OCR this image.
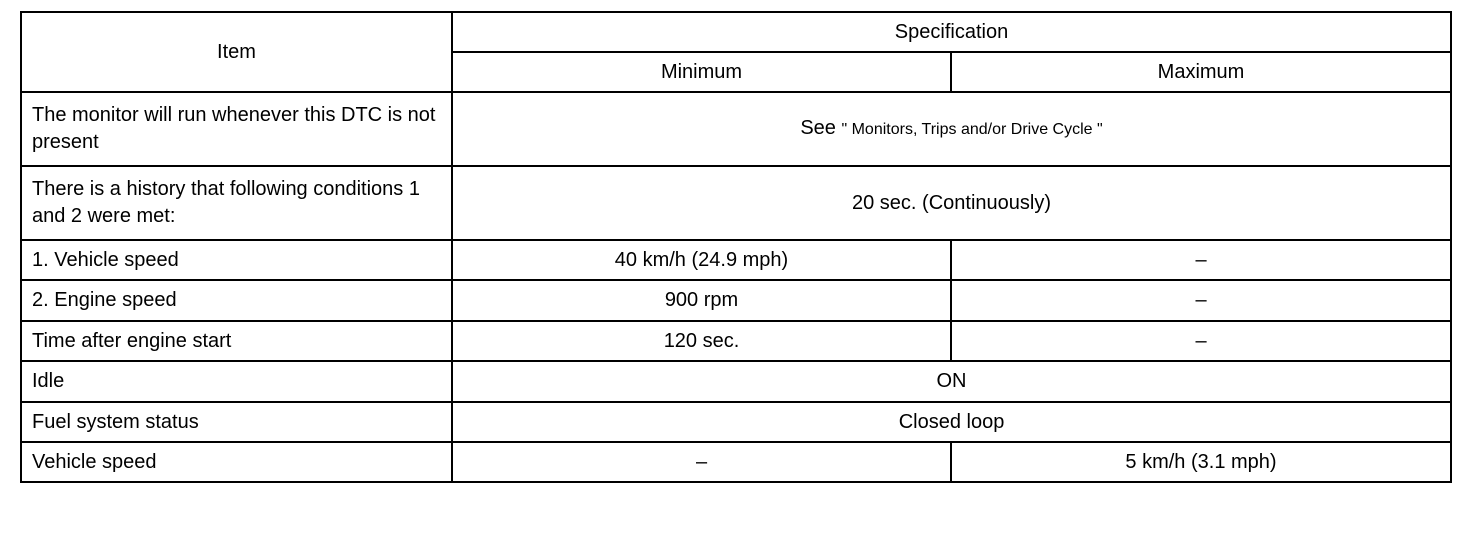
Item	Specification	
	Minimum	Maximum
The monitor will run whenever this DTC is not present	See " Monitors, Trips and/or Drive Cycle "	
There is a history that following conditions 1 and 2 were met:	20 sec. (Continuously)	
1. Vehicle speed	40 km/h (24.9 mph)	–
2. Engine speed	900 rpm	–
Time after engine start	120 sec.	–
Idle	ON	
Fuel system status	Closed loop	
Vehicle speed	–	5 km/h (3.1 mph)
